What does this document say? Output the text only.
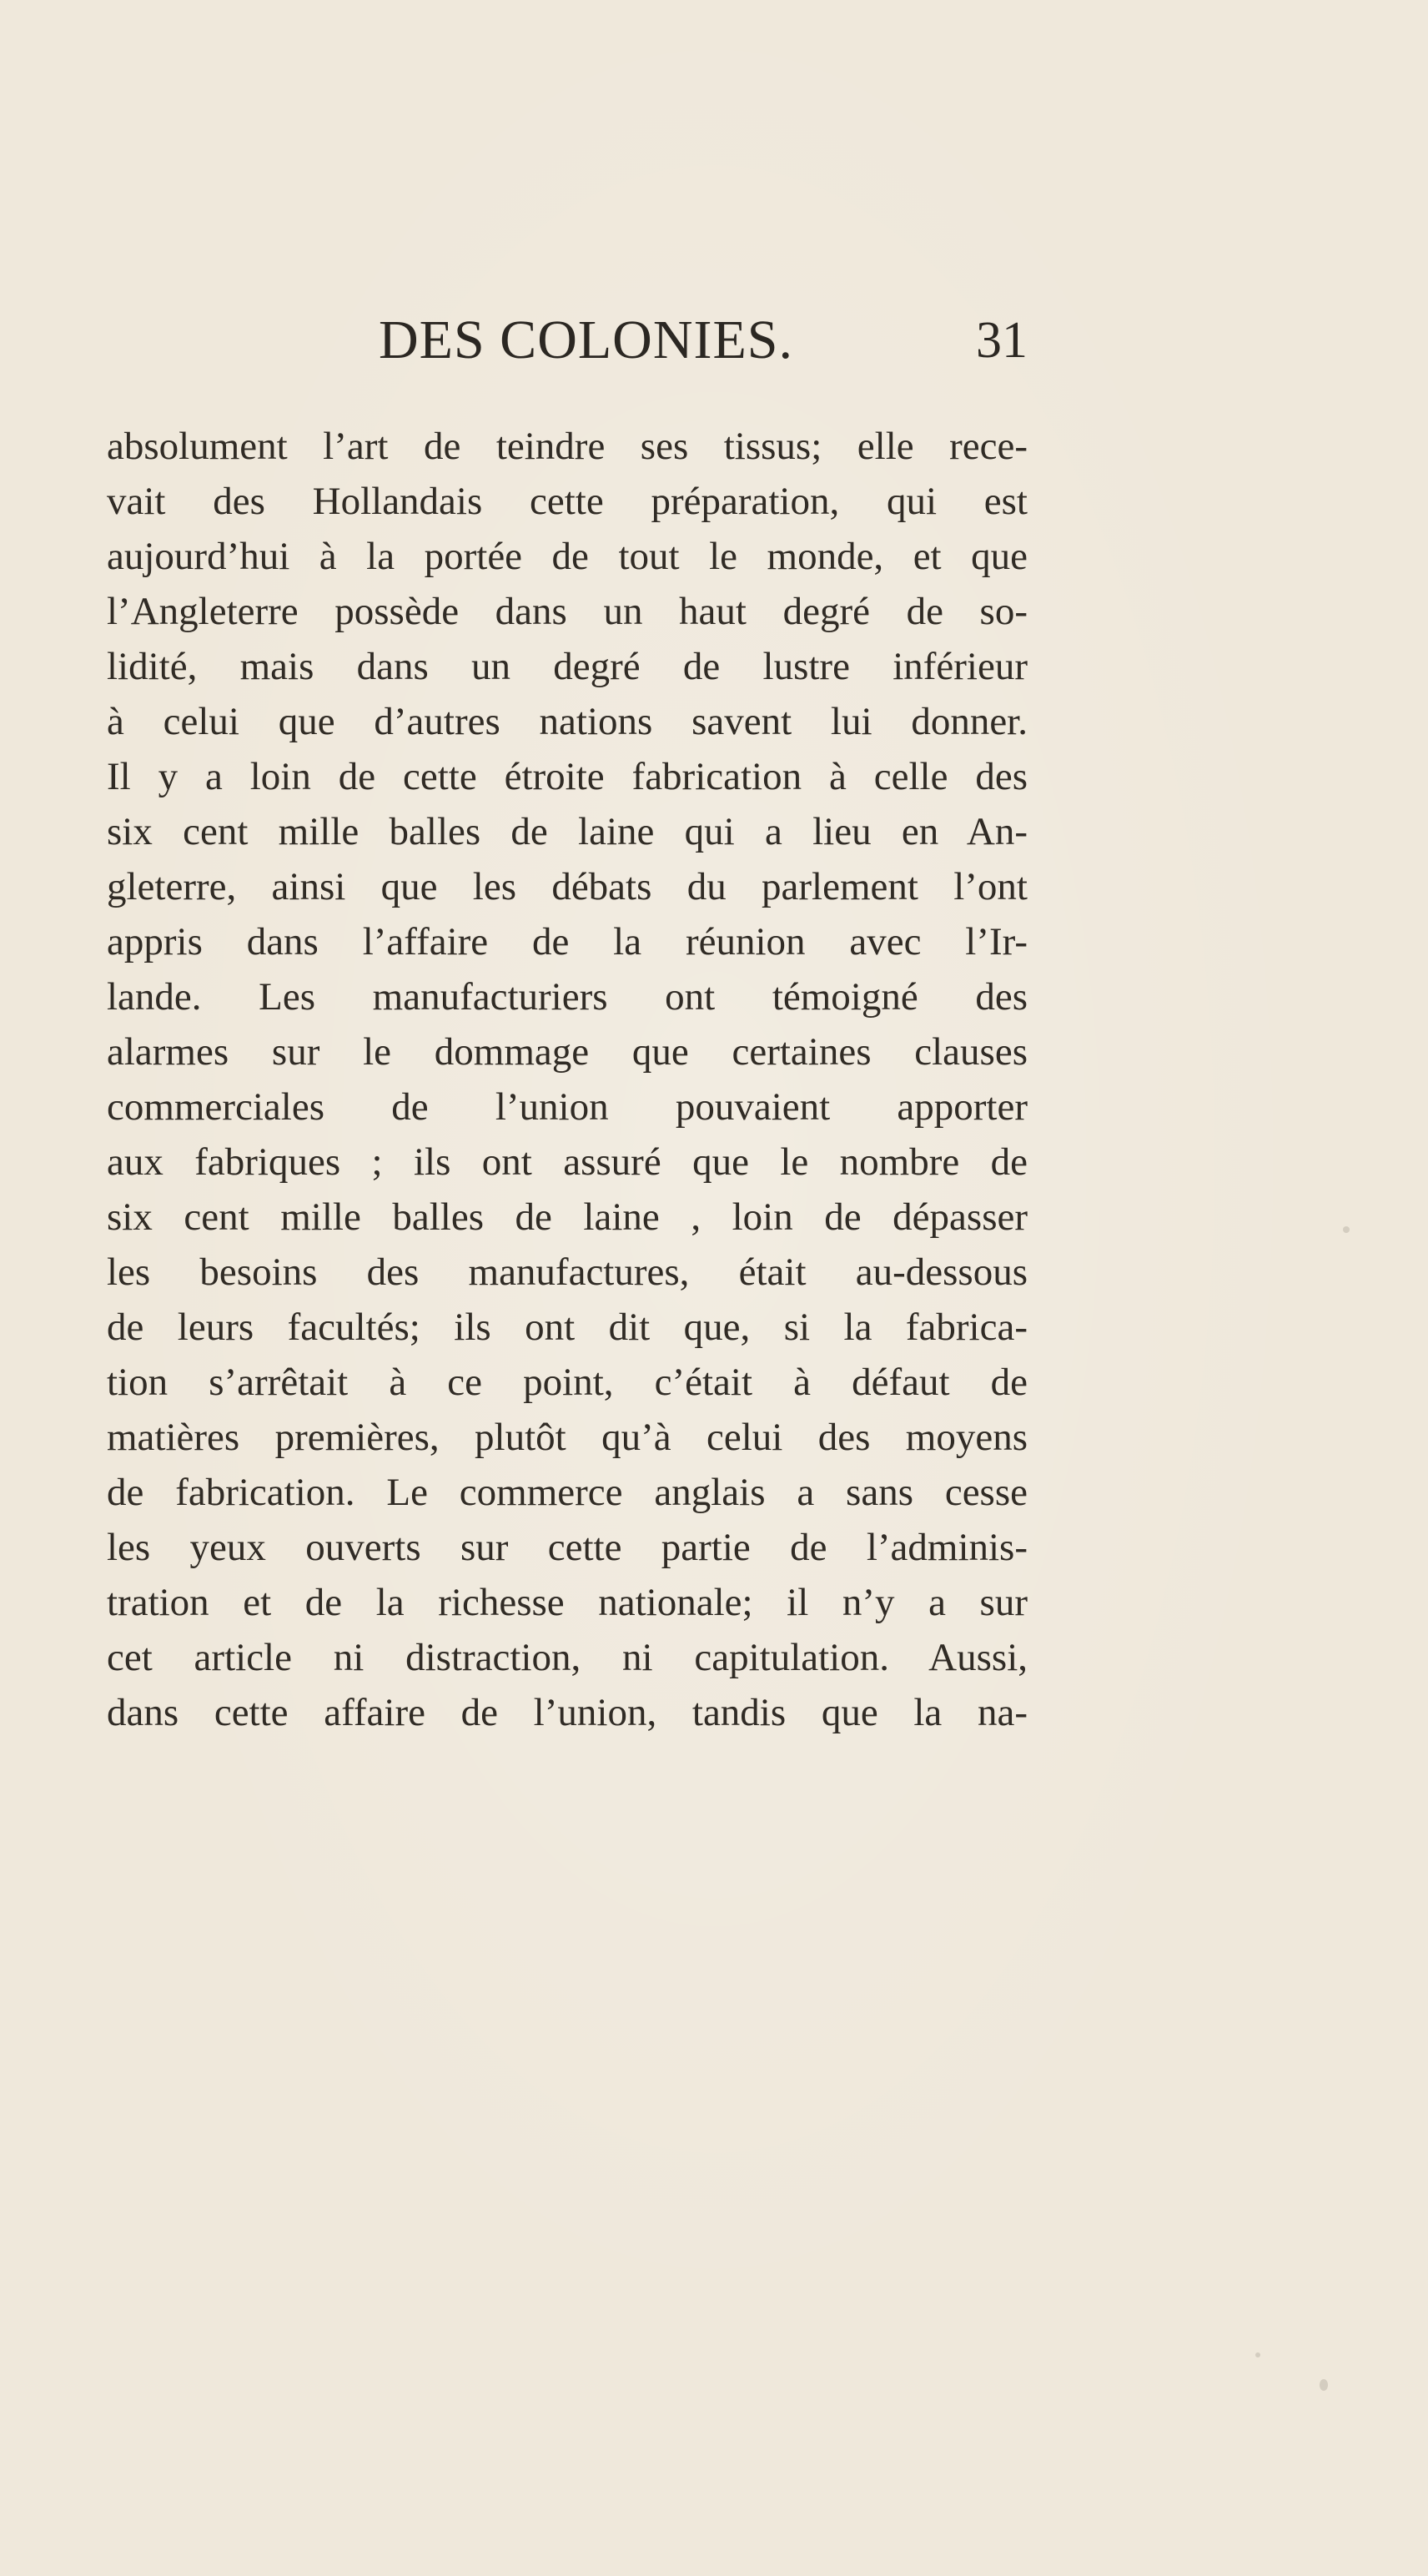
DES COLONIES.	31
absolument l’art de teindre ses tissus; elle rece-
vait des Hollandais cette préparation, qui est
aujourd’hui à la portée de tout le monde, et que
l’Angleterre possède dans un haut degré de so-
lidité, mais dans un degré de lustre inférieur
à celui que d’autres nations savent lui donner.
Il y a loin de cette étroite fabrication à celle des
six cent mille balles de laine qui a lieu en An-
gleterre, ainsi que les débats du parlement l’ont
appris dans l’affaire de la réunion avec l’Ir-
lande. Les manufacturiers ont témoigné des
alarmes sur le dommage que certaines clauses
commerciales de l’union pouvaient apporter
aux fabriques ; ils ont assuré que le nombre de
six cent mille balles de laine , loin de dépasser
les besoins des manufactures, était au-dessous
de leurs facultés; ils ont dit que, si la fabrica-
tion s’arrêtait à ce point, c’était à défaut de
matières premières, plutôt qu’à celui des moyens
de fabrication. Le commerce anglais a sans cesse
les yeux ouverts sur cette partie de l’adminis-
tration et de la richesse nationale; il n’y a sur
cet article ni distraction, ni capitulation. Aussi,
dans cette affaire de l’union, tandis que la na-
